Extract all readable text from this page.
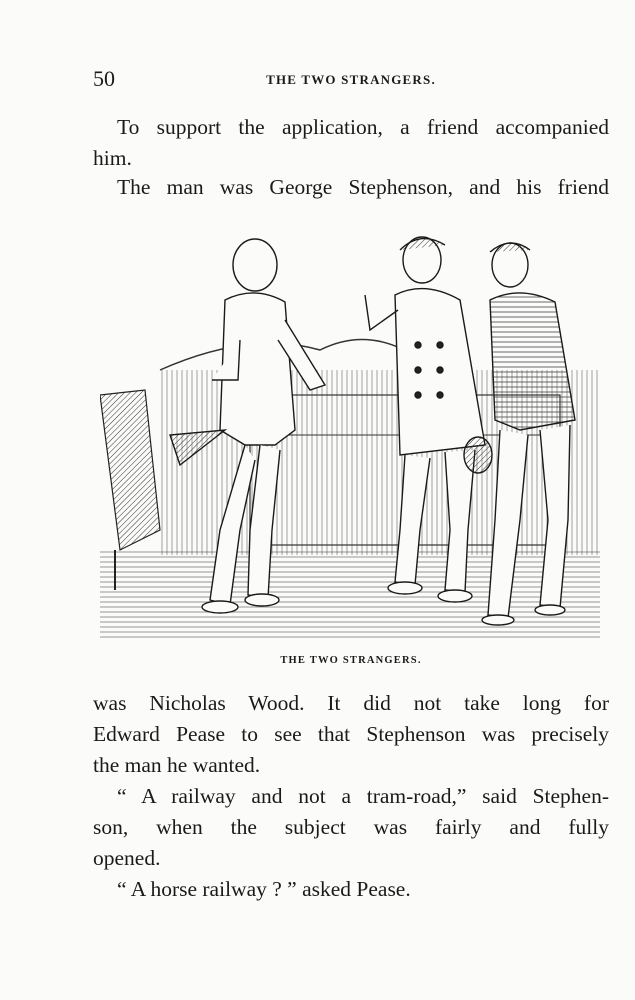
50	THE TWO STRANGERS.

To support the application, a friend accompanied
him.

The man was George Stephenson, and his friend

THE TWO STRANGERS.

was Nicholas Wood. It did not take long for
Edward Pease to see that Stephenson was precisely
the man he wanted.

“ A railway and not a tram-road,” said Stephen-
son, when the subject was fairly and fully
opened.

“ A horse railway ? ” asked Pease.
